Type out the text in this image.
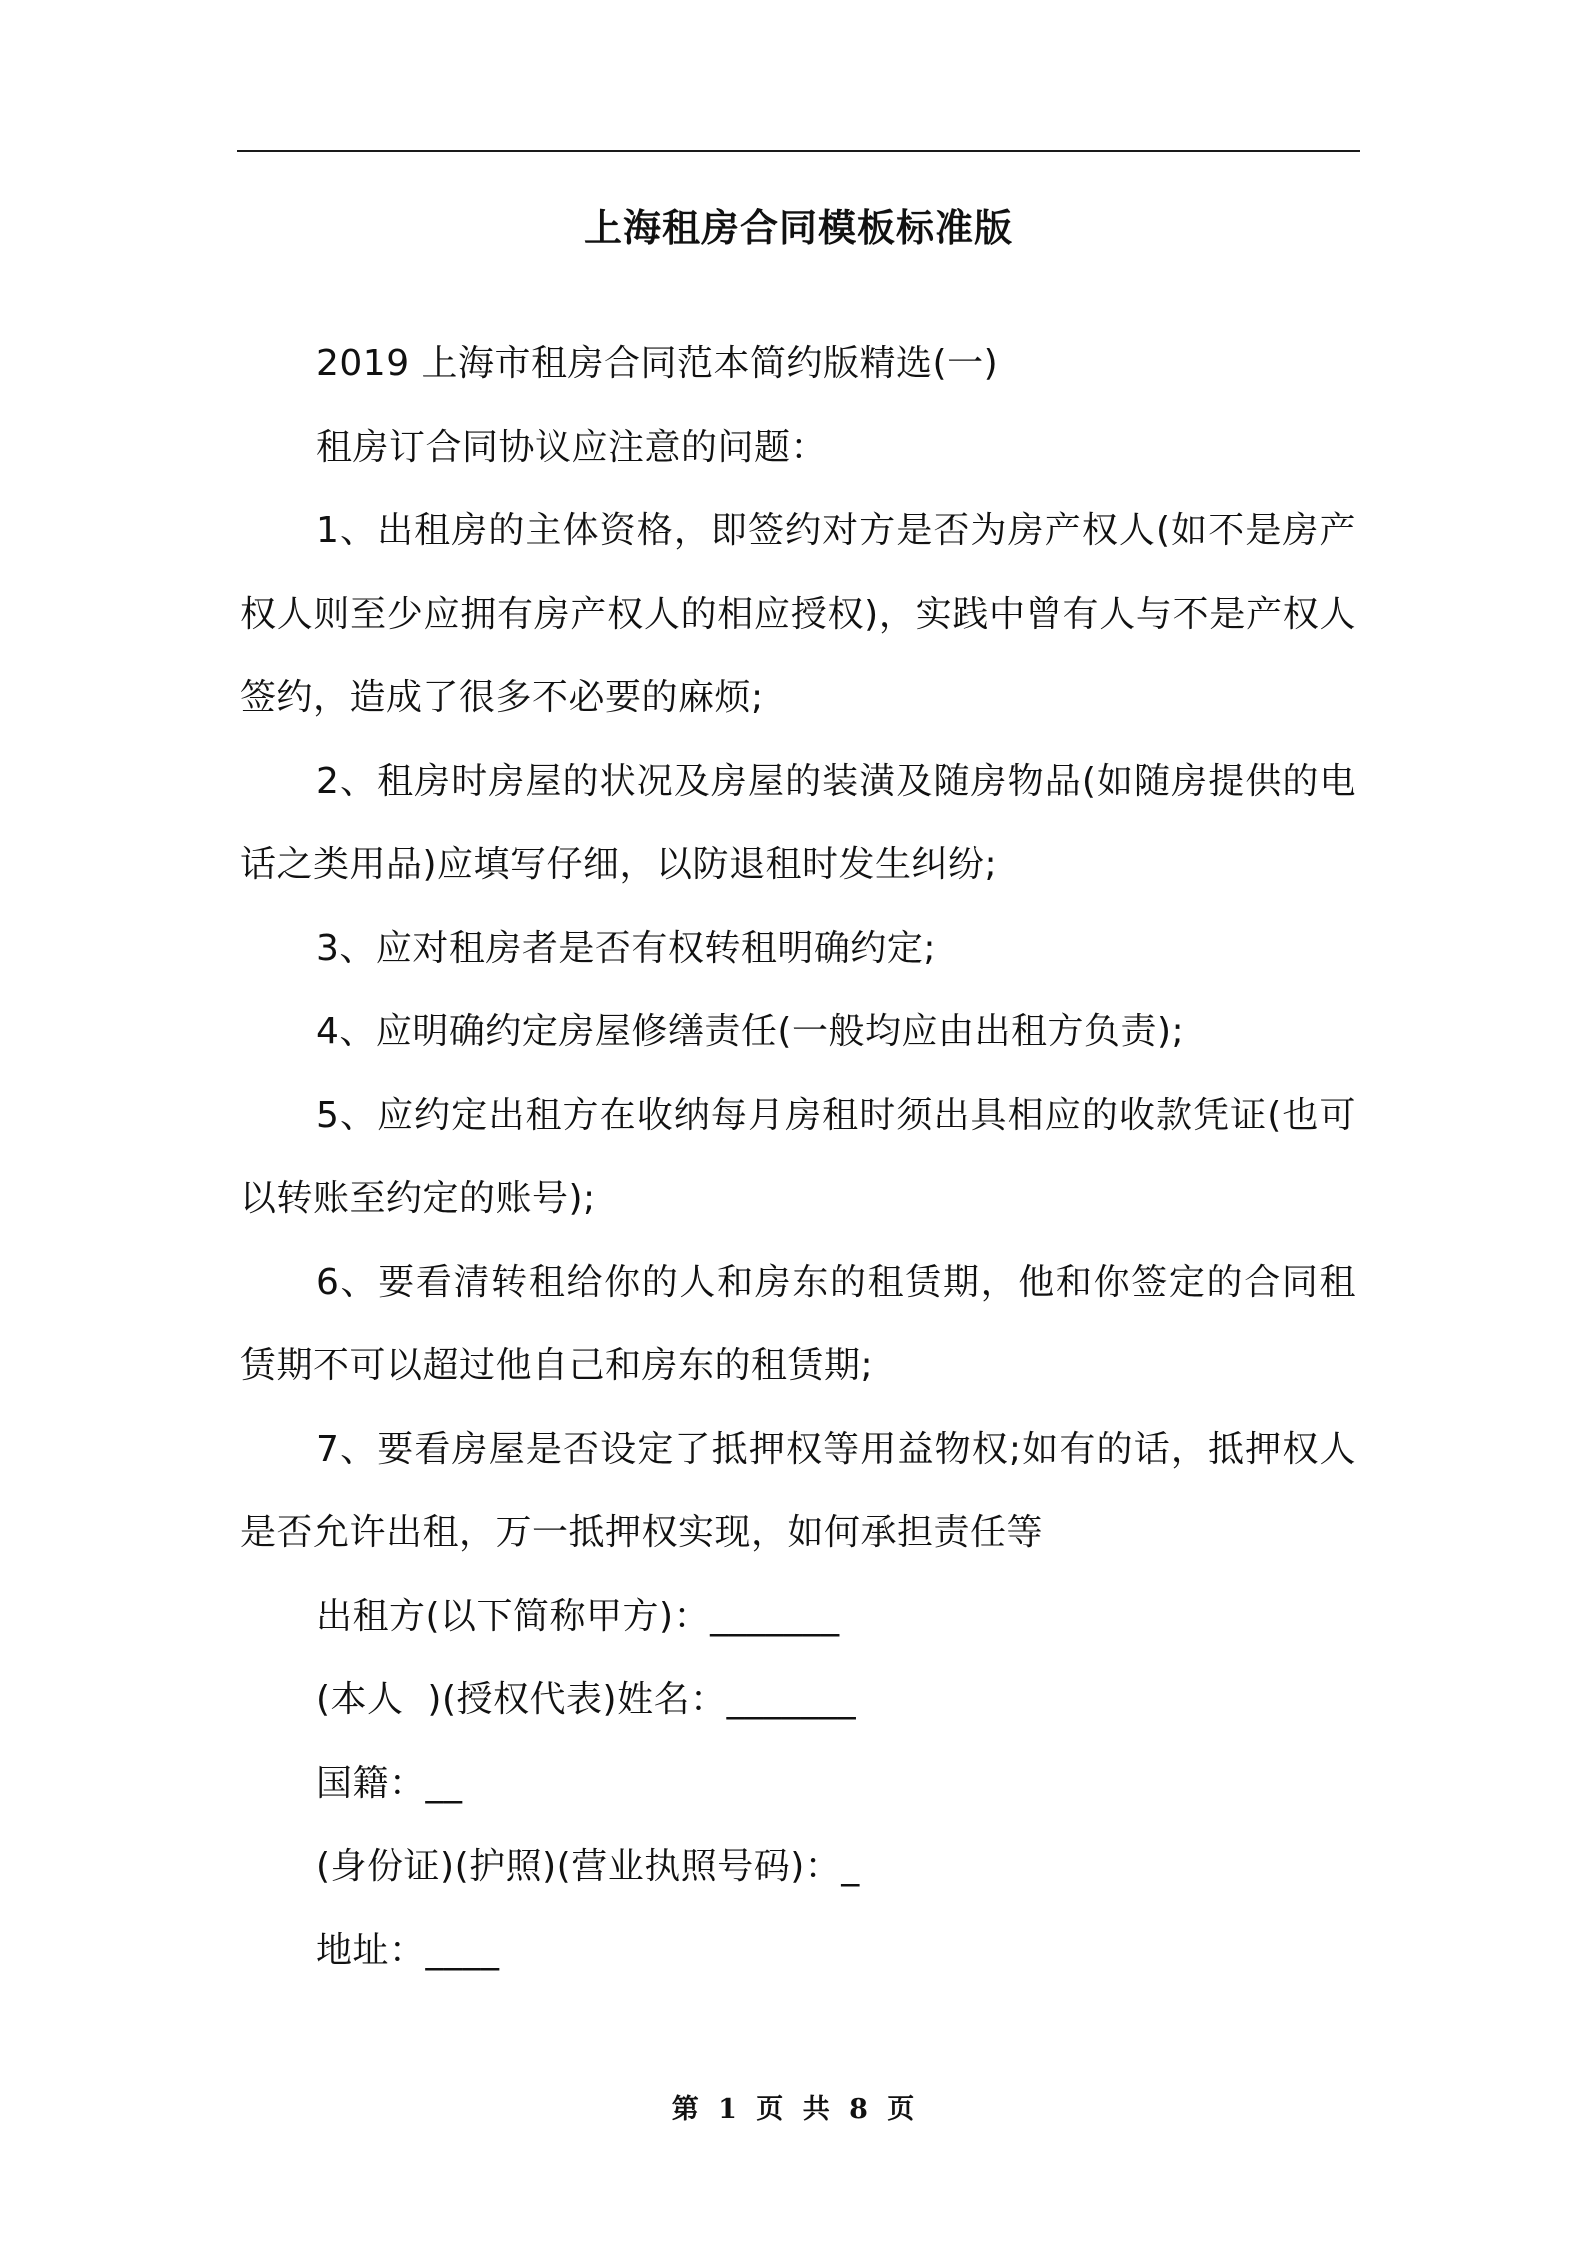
上海租房合同模板标准版

2019 上海市租房合同范本简约版精选(一)

租房订合同协议应注意的问题：

1、出租房的主体资格，即签约对方是否为房产权人(如不是房产权人则至少应拥有房产权人的相应授权)，实践中曾有人与不是产权人签约，造成了很多不必要的麻烦;

2、租房时房屋的状况及房屋的装潢及随房物品(如随房提供的电话之类用品)应填写仔细，以防退租时发生纠纷;

3、应对租房者是否有权转租明确约定;

4、应明确约定房屋修缮责任(一般均应由出租方负责);

5、应约定出租方在收纳每月房租时须出具相应的收款凭证(也可以转账至约定的账号);

6、要看清转租给你的人和房东的租赁期，他和你签定的合同租赁期不可以超过他自己和房东的租赁期;

7、要看房屋是否设定了抵押权等用益物权;如有的话，抵押权人是否允许出租，万一抵押权实现，如何承担责任等

出租方(以下简称甲方)：_______

(本人  )(授权代表)姓名：_______

国籍：__

(身份证)(护照)(营业执照号码)：_

地址：____

第 1 页 共 8 页
